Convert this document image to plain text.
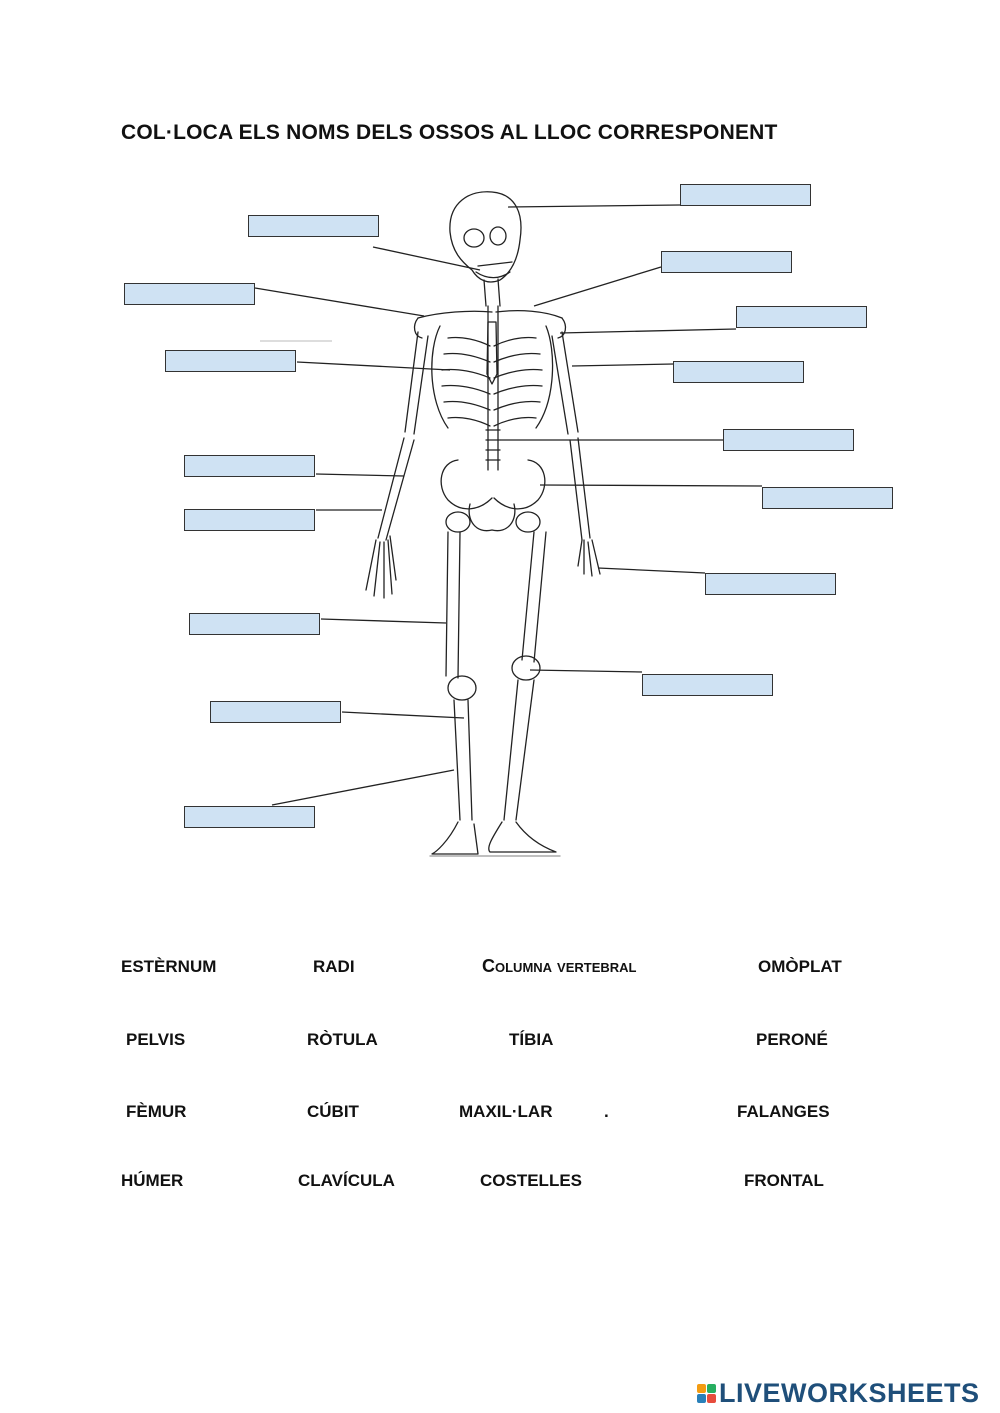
COL·LOCA ELS NOMS DELS OSSOS AL LLOC CORRESPONENT
ESTÈRNUM	RADI	Columna vertebral	OMÒPLAT
PELVIS	RÒTULA	TÍBIA	PERONÉ
FÈMUR	CÚBIT	MAXIL·LAR	.	FALANGES
HÚMER	CLAVÍCULA	COSTELLES	FRONTAL
LIVEWORKSHEETS
